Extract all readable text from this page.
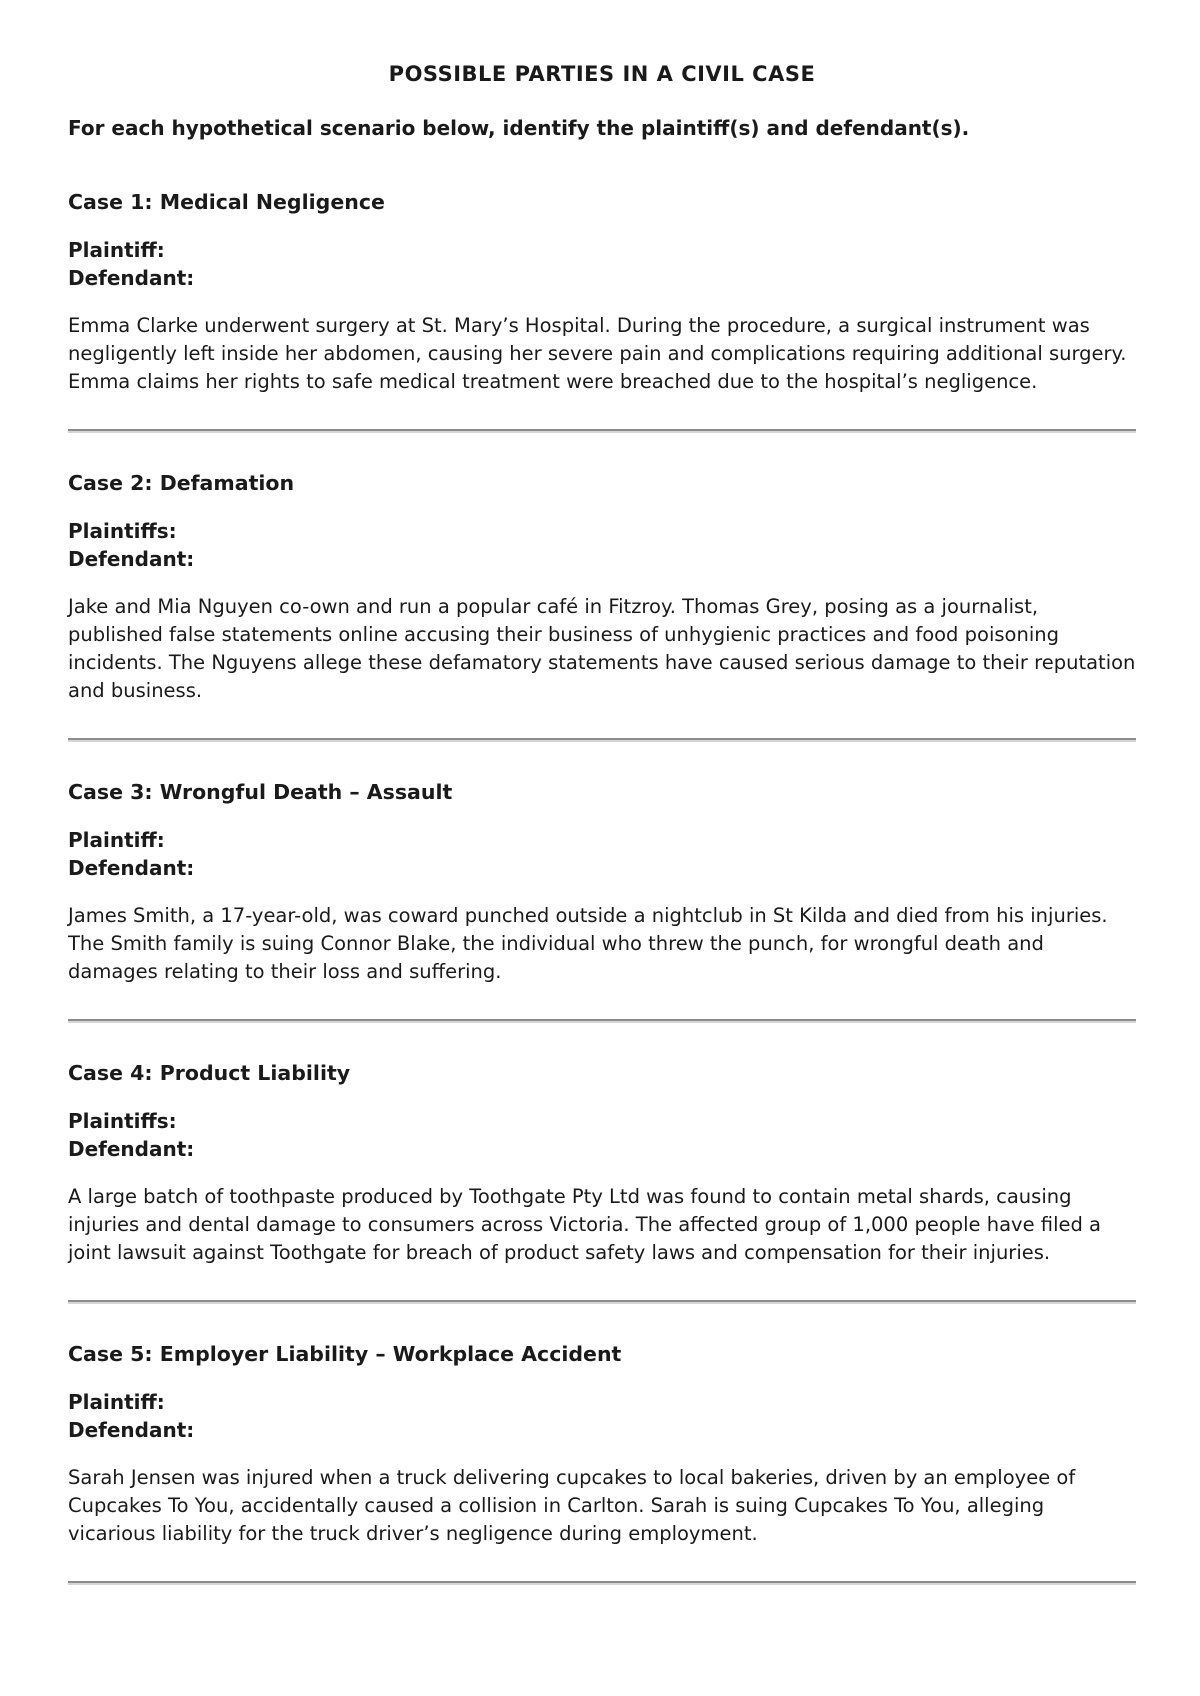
POSSIBLE PARTIES IN A CIVIL CASE

For each hypothetical scenario below, identify the plaintiff(s) and defendant(s).

Case 1: Medical Negligence
Plaintiff:
Defendant:

Emma Clarke underwent surgery at St. Mary’s Hospital. During the procedure, a surgical instrument was negligently left inside her abdomen, causing her severe pain and complications requiring additional surgery. Emma claims her rights to safe medical treatment were breached due to the hospital’s negligence.

Case 2: Defamation
Plaintiffs:
Defendant:

Jake and Mia Nguyen co-own and run a popular café in Fitzroy. Thomas Grey, posing as a journalist, published false statements online accusing their business of unhygienic practices and food poisoning incidents. The Nguyens allege these defamatory statements have caused serious damage to their reputation and business.

Case 3: Wrongful Death – Assault
Plaintiff:
Defendant:

James Smith, a 17-year-old, was coward punched outside a nightclub in St Kilda and died from his injuries. The Smith family is suing Connor Blake, the individual who threw the punch, for wrongful death and damages relating to their loss and suffering.

Case 4: Product Liability
Plaintiffs:
Defendant:

A large batch of toothpaste produced by Toothgate Pty Ltd was found to contain metal shards, causing injuries and dental damage to consumers across Victoria. The affected group of 1,000 people have filed a joint lawsuit against Toothgate for breach of product safety laws and compensation for their injuries.

Case 5: Employer Liability – Workplace Accident
Plaintiff:
Defendant:

Sarah Jensen was injured when a truck delivering cupcakes to local bakeries, driven by an employee of Cupcakes To You, accidentally caused a collision in Carlton. Sarah is suing Cupcakes To You, alleging vicarious liability for the truck driver’s negligence during employment.
